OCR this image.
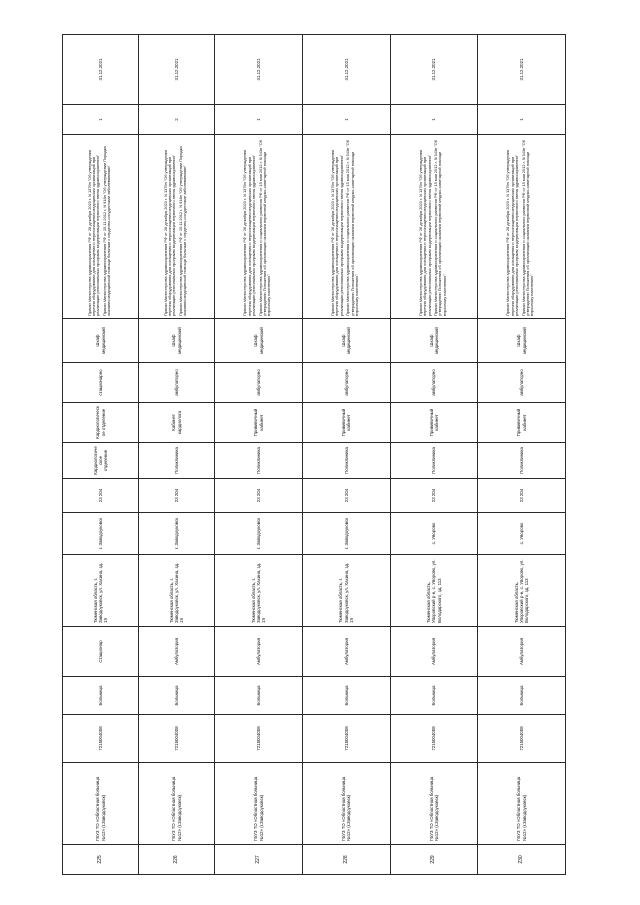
225	ГБУЗ ТО «Областная больница №12» (г.Заводоуковск)	7215004008	Больница	Стационар	Тюменская область, г. Заводоуковск, ул. Хахина, зд. 19	г. Заводоуковск	23 204	Кардиологическое отделение	Кардиологическое отделение	стационарно	Шкаф медицинский	Приказ Министерства здравоохранения РФ от 28 декабря 2020 г. N 1379н "Об утверждении перечня оборудования для оснащения и переоснащения медицинских организаций при реализации региональных программ модернизации первичного звена здравоохранения" Приказ Министерства здравоохранения РФ от 15.11.2012 г. N 918н "Об утверждении Порядка оказания медицинской помощи больным с сердечно-сосудистыми заболеваниями"	1	31.12.2021
226	ГБУЗ ТО «Областная больница №12» (г.Заводоуковск)	7215004008	Больница	Амбулатория	Тюменская область, г. Заводоуковск, ул. Хахина, зд. 19	г. Заводоуковск	23 204	Поликлиника	Кабинет кардиолога	амбулаторно	Шкаф медицинский	Приказ Министерства здравоохранения РФ от 28 декабря 2020 г. N 1379н "Об утверждении перечня оборудования для оснащения и переоснащения медицинских организаций при реализации региональных программ модернизации первичного звена здравоохранения" Приказ Министерства здравоохранения РФ от 15.11.2012 г. N 918н "Об утверждении Порядка оказания медицинской помощи больным с сердечно-сосудистыми заболеваниями"	2	31.12.2021
227	ГБУЗ ТО «Областная больница №12» (г.Заводоуковск)	7215004008	Больница	Амбулатория	Тюменская область, г. Заводоуковск, ул. Хахина, зд. 19	г. Заводоуковск	23 204	Поликлиника	Прививочный кабинет	амбулаторно	Шкаф медицинский	Приказ Министерства здравоохранения РФ от 28 декабря 2020 г. N 1379н "Об утверждении перечня оборудования для оснащения и переоснащения медицинских организаций при реализации региональных программ модернизации первичного звена здравоохранения" Приказ Министерства здравоохранения и социального развития РФ от 15 мая 2012 г. N 543н "Об утверждении Положения об организации оказания первичной медико-санитарной помощи взрослому населению"	1	31.12.2021
228	ГБУЗ ТО «Областная больница №12» (г.Заводоуковск)	7215004008	Больница	Амбулатория	Тюменская область, г. Заводоуковск, ул. Хахина, зд. 19	г. Заводоуковск	23 204	Поликлиника	Прививочный кабинет	амбулаторно	Шкаф медицинский	Приказ Министерства здравоохранения РФ от 28 декабря 2020 г. N 1379н "Об утверждении перечня оборудования для оснащения и переоснащения медицинских организаций при реализации региональных программ модернизации первичного звена здравоохранения" Приказ Министерства здравоохранения и социального развития РФ от 15 мая 2012 г. N 543н "Об утверждении Положения об организации оказания первичной медико-санитарной помощи взрослому населению"	1	31.12.2021
229	ГБУЗ ТО «Областная больница №12» (г.Заводоуковск)	7215004008	Больница	Амбулатория	Тюменская область, Упоровский р-н, с. Упорово, ул. Володарского, зд. 113	с. Упорово	23 204	Поликлиника	Прививочный кабинет	амбулаторно	Шкаф медицинский	Приказ Министерства здравоохранения РФ от 28 декабря 2020 г. N 1379н "Об утверждении перечня оборудования для оснащения и переоснащения медицинских организаций при реализации региональных программ модернизации первичного звена здравоохранения" Приказ Министерства здравоохранения и социального развития РФ от 15 мая 2012 г. N 543н "Об утверждении Положения об организации оказания первичной медико-санитарной помощи взрослому населению"	1	31.12.2021
230	ГБУЗ ТО «Областная больница №12» (г.Заводоуковск)	7215004008	Больница	Амбулатория	Тюменская область, Упоровский р-н, с. Упорово, ул. Володарского, зд. 113	с. Упорово	23 204	Поликлиника	Прививочный кабинет	амбулаторно	Шкаф медицинский	Приказ Министерства здравоохранения РФ от 28 декабря 2020 г. N 1379н "Об утверждении перечня оборудования для оснащения и переоснащения медицинских организаций при реализации региональных программ модернизации первичного звена здравоохранения" Приказ Министерства здравоохранения и социального развития РФ от 15 мая 2012 г. N 543н "Об утверждении Положения об организации оказания первичной медико-санитарной помощи взрослому населению"	1	31.12.2021
